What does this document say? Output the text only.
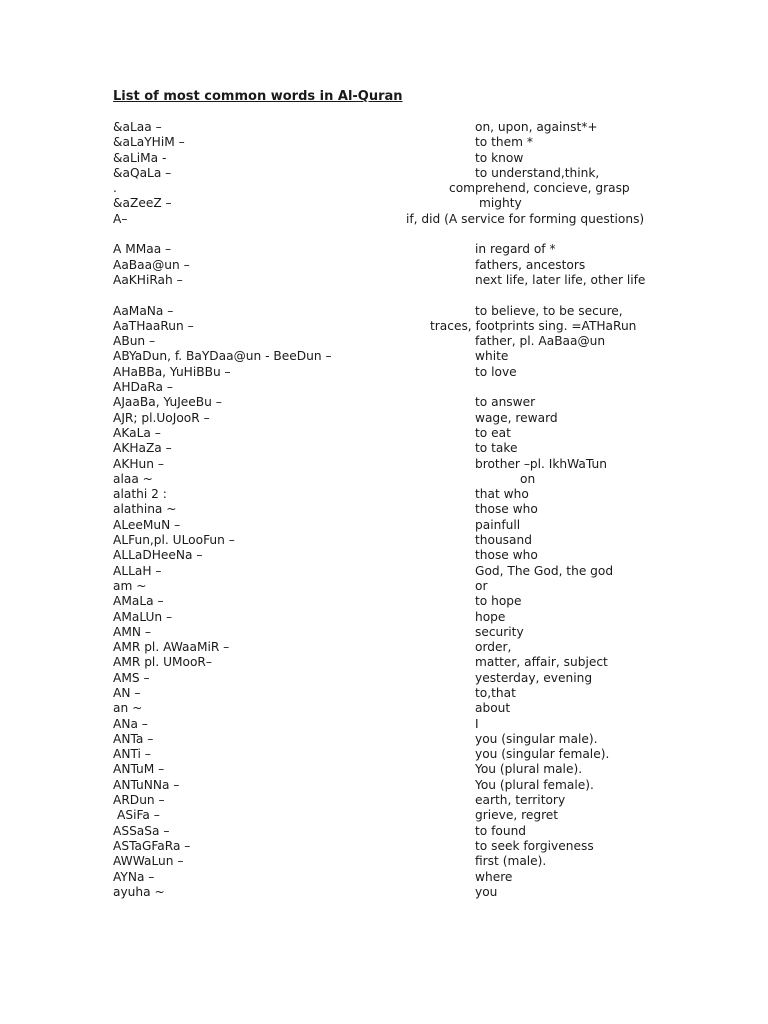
List of most common words in Al-Quran
&aLaa –	on, upon, against*+
&aLaYHiM –	to them *
&aLiMa -	to know
&aQaLa –	to understand,think,
.	comprehend, concieve, grasp
&aZeeZ –	mighty
A–	if, did (A service for forming questions)
A MMaa –	in regard of *
AaBaa@un –	fathers, ancestors
AaKHiRah –	next life, later life, other life
AaMaNa –	to believe, to be secure,
AaTHaaRun –	traces, footprints sing. =ATHaRun
ABun –	father, pl. AaBaa@un
ABYaDun, f. BaYDaa@un - BeeDun –	white
AHaBBa, YuHiBBu –	to love
AHDaRa –
AJaaBa, YuJeeBu –	to answer
AJR; pl.UoJooR –	wage, reward
AKaLa –	to eat
AKHaZa –	to take
AKHun –	brother –pl. IkhWaTun
alaa ~	on
alathi 2 :	that who
alathina ~	those who
ALeeMuN –	painfull
ALFun,pl. ULooFun –	thousand
ALLaDHeeNa –	those who
ALLaH –	God, The God, the god
am ~	or
AMaLa –	to hope
AMaLUn –	hope
AMN –	security
AMR pl. AWaaMiR –	order,
AMR pl. UMooR–	matter, affair, subject
AMS –	yesterday, evening
AN –	to,that
an ~	about
ANa –	I
ANTa –	you (singular male).
ANTi –	you (singular female).
ANTuM –	You (plural male).
ANTuNNa –	You (plural female).
ARDun –	earth, territory
ASiFa –	grieve, regret
ASSaSa –	to found
ASTaGFaRa –	to seek forgiveness
AWWaLun –	first (male).
AYNa –	where
ayuha ~	you
